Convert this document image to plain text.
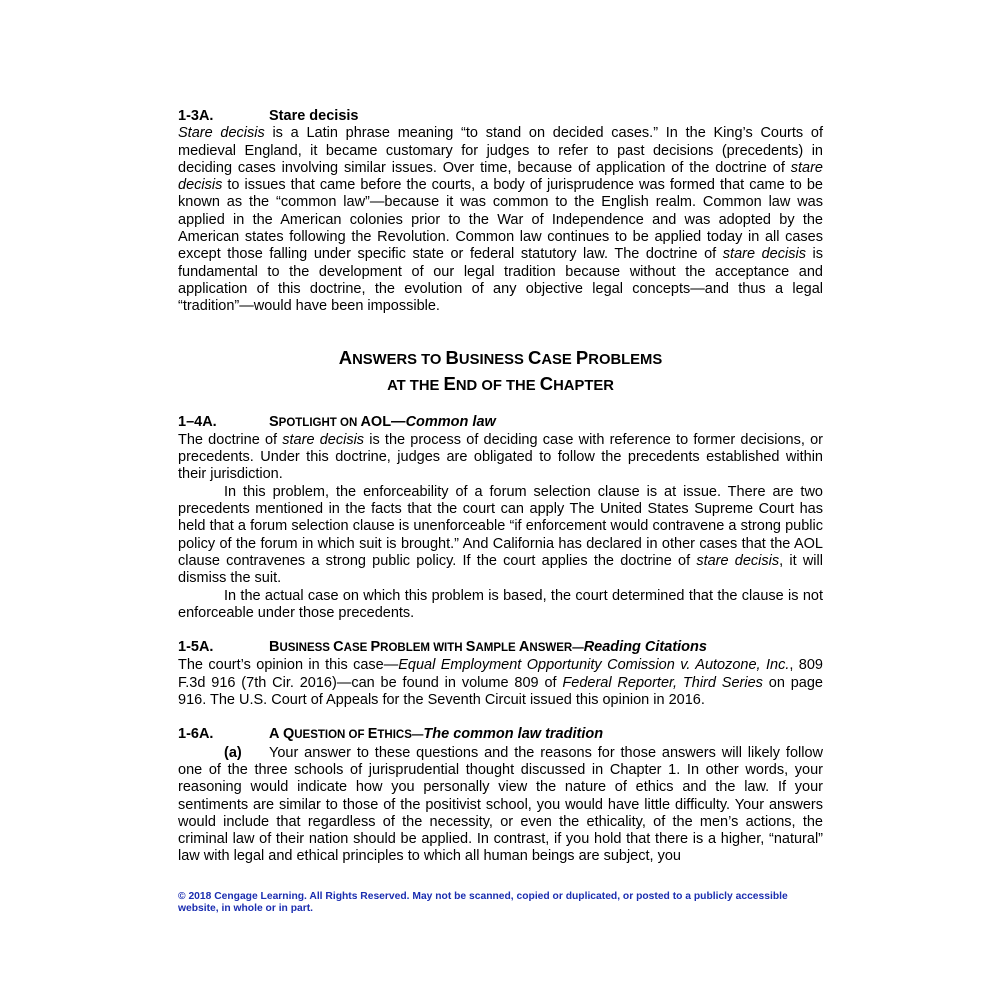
1-3A.	Stare decisis

Stare decisis is a Latin phrase meaning “to stand on decided cases.” In the King’s Courts of medieval England, it became customary for judges to refer to past decisions (precedents) in deciding cases involving similar issues. Over time, because of application of the doctrine of stare decisis to issues that came before the courts, a body of jurisprudence was formed that came to be known as the “common law”—because it was common to the English realm. Common law was applied in the American colonies prior to the War of Independence and was adopted by the American states following the Revolution. Common law continues to be applied today in all cases except those falling under specific state or federal statutory law. The doctrine of stare decisis is fundamental to the development of our legal tradition because without the acceptance and application of this doctrine, the evolution of any objective legal concepts—and thus a legal “tradition”—would have been impossible.

ANSWERS TO BUSINESS CASE PROBLEMS
AT THE END OF THE CHAPTER
1–4A.	SPOTLIGHT ON AOL—Common law

The doctrine of stare decisis is the process of deciding case with reference to former decisions, or precedents. Under this doctrine, judges are obligated to follow the precedents established within their jurisdiction.

In this problem, the enforceability of a forum selection clause is at issue. There are two precedents mentioned in the facts that the court can apply The United States Supreme Court has held that a forum selection clause is unenforceable “if enforcement would contravene a strong public policy of the forum in which suit is brought.” And California has declared in other cases that the AOL clause contravenes a strong public policy. If the court applies the doctrine of stare decisis, it will dismiss the suit.

In the actual case on which this problem is based, the court determined that the clause is not enforceable under those precedents.

1-5A.	BUSINESS CASE PROBLEM WITH SAMPLE ANSWER—Reading Citations

The court’s opinion in this case—Equal Employment Opportunity Comission v. Autozone, Inc., 809 F.3d 916 (7th Cir. 2016)—can be found in volume 809 of Federal Reporter, Third Series on page 916. The U.S. Court of Appeals for the Seventh Circuit issued this opinion in 2016.

1-6A.	A QUESTION OF ETHICS—The common law tradition

(a) Your answer to these questions and the reasons for those answers will likely follow one of the three schools of jurisprudential thought discussed in Chapter 1. In other words, your reasoning would indicate how you personally view the nature of ethics and the law. If your sentiments are similar to those of the positivist school, you would have little difficulty. Your answers would include that regardless of the necessity, or even the ethicality, of the men’s actions, the criminal law of their nation should be applied. In contrast, if you hold that there is a higher, “natural” law with legal and ethical principles to which all human beings are subject, you

© 2018 Cengage Learning. All Rights Reserved. May not be scanned, copied or duplicated, or posted to a publicly accessible website, in whole or in part.
